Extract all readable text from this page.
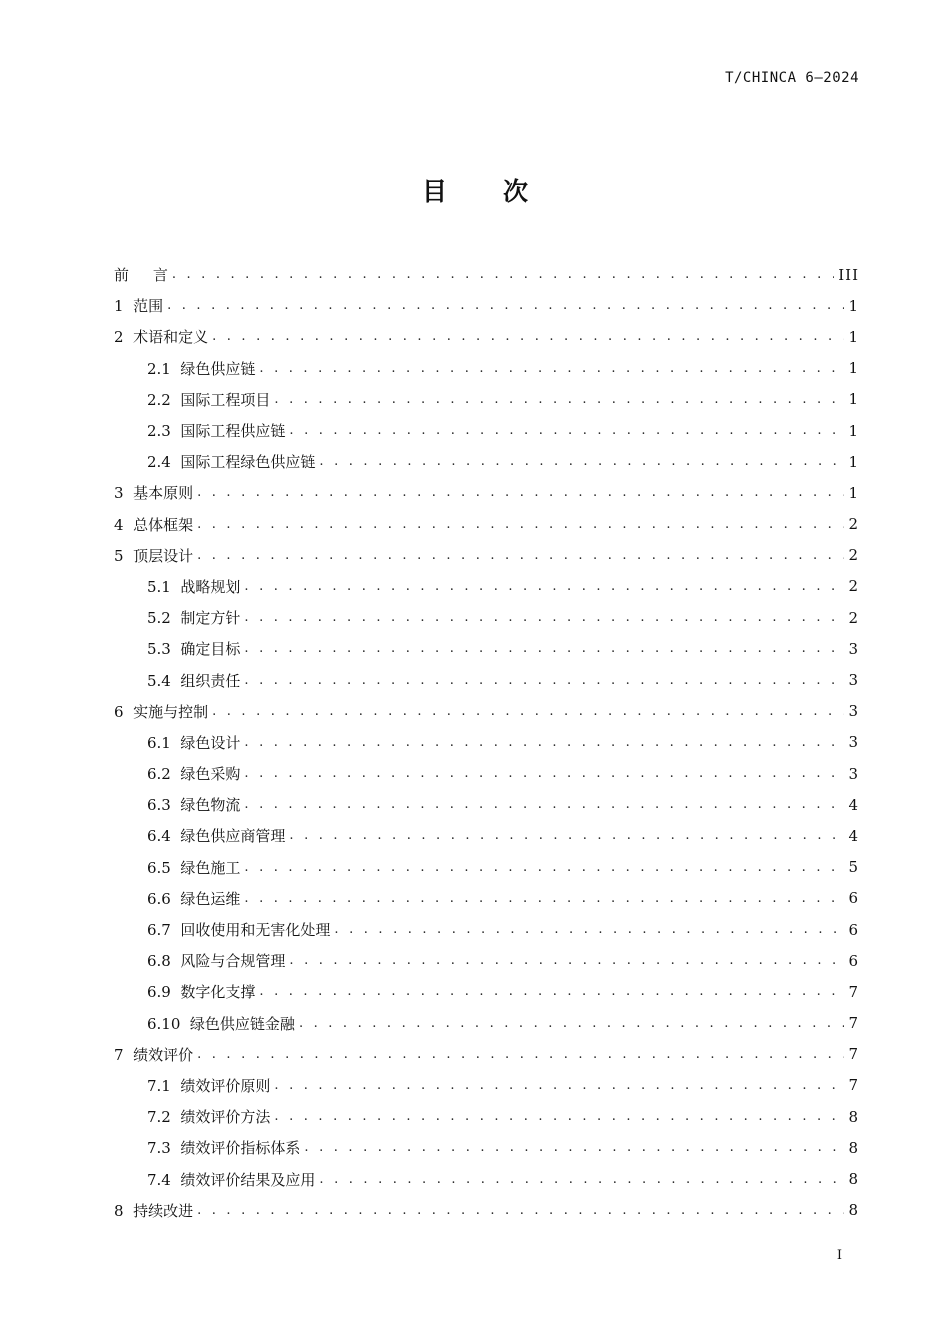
T/CHINCA 6—2024
目次
前     言 . . .	III
1  范围 . . .	1
2  术语和定义 . . .	1
2.1  绿色供应链 . . .	1
2.2  国际工程项目 . . .	1
2.3  国际工程供应链 . . .	1
2.4  国际工程绿色供应链 . . .	1
3  基本原则 . . .	1
4  总体框架 . . .	2
5  顶层设计 . . .	2
5.1  战略规划 . . .	2
5.2  制定方针 . . .	2
5.3  确定目标 . . .	3
5.4  组织责任 . . .	3
6  实施与控制 . . .	3
6.1  绿色设计 . . .	3
6.2  绿色采购 . . .	3
6.3  绿色物流 . . .	4
6.4  绿色供应商管理 . . .	4
6.5  绿色施工 . . .	5
6.6  绿色运维 . . .	6
6.7  回收使用和无害化处理 . . .	6
6.8  风险与合规管理 . . .	6
6.9  数字化支撑 . . .	7
6.10  绿色供应链金融 . . .	7
7  绩效评价 . . .	7
7.1  绩效评价原则 . . .	7
7.2  绩效评价方法 . . .	8
7.3  绩效评价指标体系 . . .	8
7.4  绩效评价结果及应用 . . .	8
8  持续改进 . . .	8
I
